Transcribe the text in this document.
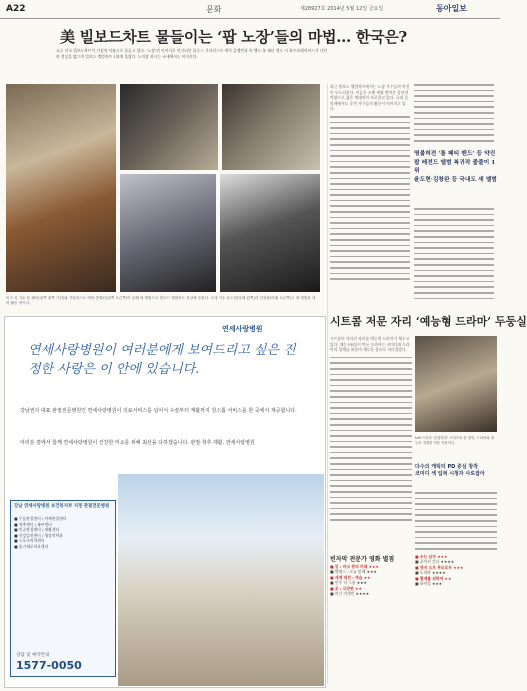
A22	문화	제28927호 2014년 5월 12일 금요일	동아일보
美 빌보드차트 물들이는 ‘팝 노장’들의 마법… 한국은?
요즘 미국 빌보드차트가 거장의 이름으로 물들고 있다. ‘노장’의 이미지로 인식되던 블루스 기타리스트 에릭 클랩턴과 록 밴드 톰 페티 앤드 더 하트브레이커스가 나란히 정상을 밟으며 빌보드 앨범차트 1위에 올랐다. 노익장 과시는 국내에서도 이어진다.
미국 록 가수 톰 페티(위쪽 왼쪽 사진)와 기타리스트 에릭 클랩턴(위쪽 오른쪽)이 올해 새 앨범으로 빌보드 앨범차트 정상에 올랐다. 국내 가수 윤도현(아래 왼쪽)과 김창완(아래 오른쪽)도 새 앨범을 내며 활동 중이다.
최근 빌보드 앨범차트에서는 노장 가수들의 약진이 두드러진다. 이들은 오랜 세월 쌓아온 음악적 역량으로 젊은 세대까지 사로잡고 있다. 국내 음악계에서도 중견 가수들의 활동이 이어지고 있다.
명불허전 ‘톰 페티 밴드’ 등 약진
팝 레전드 앨범 복귀작 줄줄이 1위
윤도현·김창완 등 국내도 새 앨범
연세사랑병원
연세사랑병원이 여러분에게 보여드리고 싶은 진정한 사랑은 이 안에 있습니다.
강남권의 대표 관절전문병원인 연세사랑병원이 의료서비스를 넘어서 수술부터 재활까지 원스톱 서비스를 한 곳에서 제공합니다.
여러분 곁에서 함께 연세사랑병원이 건강한 미소를 위해 최선을 다하겠습니다. 관절·척추·재활, 연세사랑병원
강남 연세사랑병원 보건복지부 지정 관절전문병원
■ 무릎관절센터 / 어깨관절센터
■ 척추센터 / 족부센터
■ 인공관절센터 / 재활센터
■ 건강검진센터 / 영상의학과
■ 스포츠의학센터
■ 줄기세포치료센터
상담 및 예약안내
1577-0050
시트콤 저문 자리 ‘예능형 드라마’ 두둥실
시트콤이 사라진 자리를 예능형 드라마가 채우고 있다. 예능 PD들이 만든 드라마는 코미디와 드라마의 경계를 허물며 새로운 장르로 자리잡았다.
tvN 드라마 ‘응답하라’ 시리즈의 한 장면. 드라마와 예능의 경계를 허문 작품이다.
다수의 캐릭터 PD 중심 창작
코미디 색 입혀 시청자 사로잡아
빈자막 전문가 영화 별점
■ 킹 : 마크 왕의 미래 ★★★
■ 엔젤스 : 오늘 말해 ★★★
■ 세계 대전 : 역습 ★★
■ 인투 더 스톰 ★★★
■ 포 : 극장판 ★★
■ 비긴 어게인 ★★★★
■ 우는 남자 ★★★
■ 끝까지 간다 ★★★★
■ 엣지 오브 투모로우 ★★★
■ 도희야 ★★★★
■ 황제를 위하여 ★★
■ 하이힐 ★★★
